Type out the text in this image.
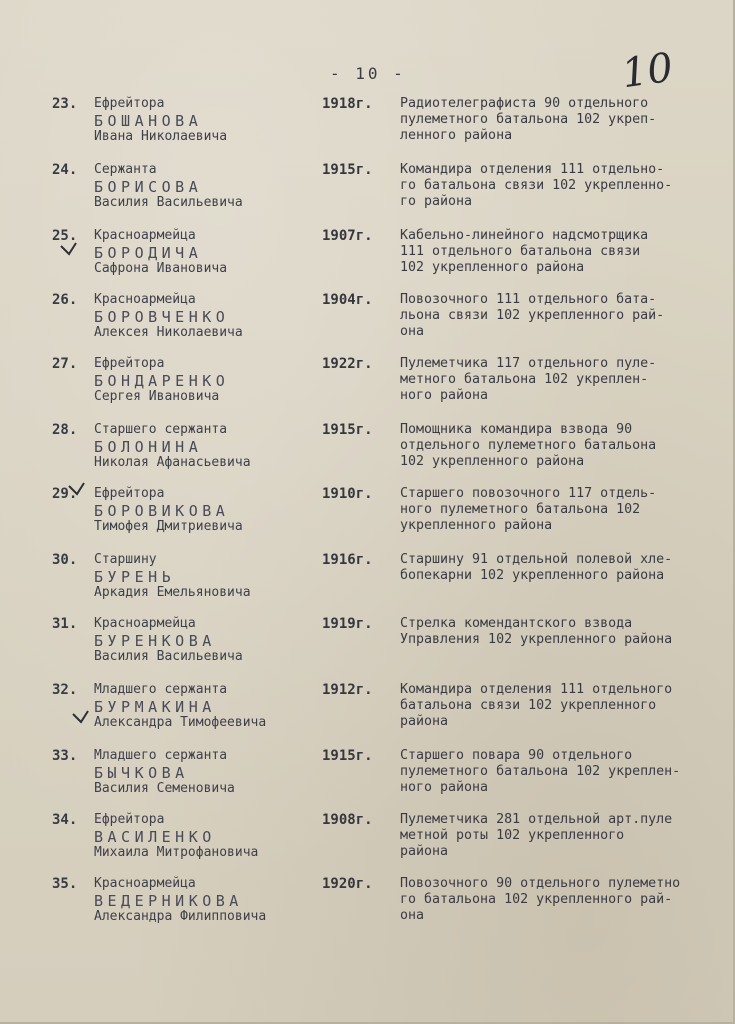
- 10 -	10
23.	Ефрейтора
БОШАНОВА
Ивана Николаевича
1918г. Радиотелеграфиста 90 отдельного
пулеметного батальона 102 укреп-
ленного района
24.	Сержанта
БОРИСОВА
Василия Васильевича
1915г. Командира отделения 111 отдельно-
го батальона связи 102 укрепленно-
го района
25.	Красноармейца
БОРОДИЧА
Сафрона Ивановича
1907г. Кабельно-линейного надсмотрщика
111 отдельного батальона связи
102 укрепленного района
26.	Красноармейца
БОРОВЧЕНКО
Алексея Николаевича
1904г. Повозочного 111 отдельного бата-
льона связи 102 укрепленного рай-
она
27.	Ефрейтора
БОНДАРЕНКО
Сергея Ивановича
1922г. Пулеметчика 117 отдельного пуле-
метного батальона 102 укреплен-
ного района
28.	Старшего сержанта
БОЛОНИНА
Николая Афанасьевича
1915г. Помощника командира взвода 90
отдельного пулеметного батальона
102 укрепленного района
29.	Ефрейтора
БОРОВИКОВА
Тимофея Дмитриевича
1910г. Старшего повозочного 117 отдель-
ного пулеметного батальона 102
укрепленного района
30.	Старшину
БУРЕНЬ
Аркадия Емельяновича
1916г. Старшину 91 отдельной полевой хле-
бопекарни 102 укрепленного района
31.	Красноармейца
БУРЕНКОВА
Василия Васильевича
1919г. Стрелка комендантского взвода
Управления 102 укрепленного района
32.	Младшего сержанта
БУРМАКИНА
Александра Тимофеевича
1912г. Командира отделения 111 отдельного
батальона связи 102 укрепленного
района
33.	Младшего сержанта
БЫЧКОВА
Василия Семеновича
1915г. Старшего повара 90 отдельного
пулеметного батальона 102 укреплен-
ного района
34.	Ефрейтора
ВАСИЛЕНКО
Михаила Митрофановича
1908г. Пулеметчика 281 отдельной арт.пуле
метной роты 102 укрепленного
района
35.	Красноармейца
ВЕДЕРНИКОВА
Александра Филипповича
1920г. Повозочного 90 отдельного пулеметно
го батальона 102 укрепленного рай-
она
